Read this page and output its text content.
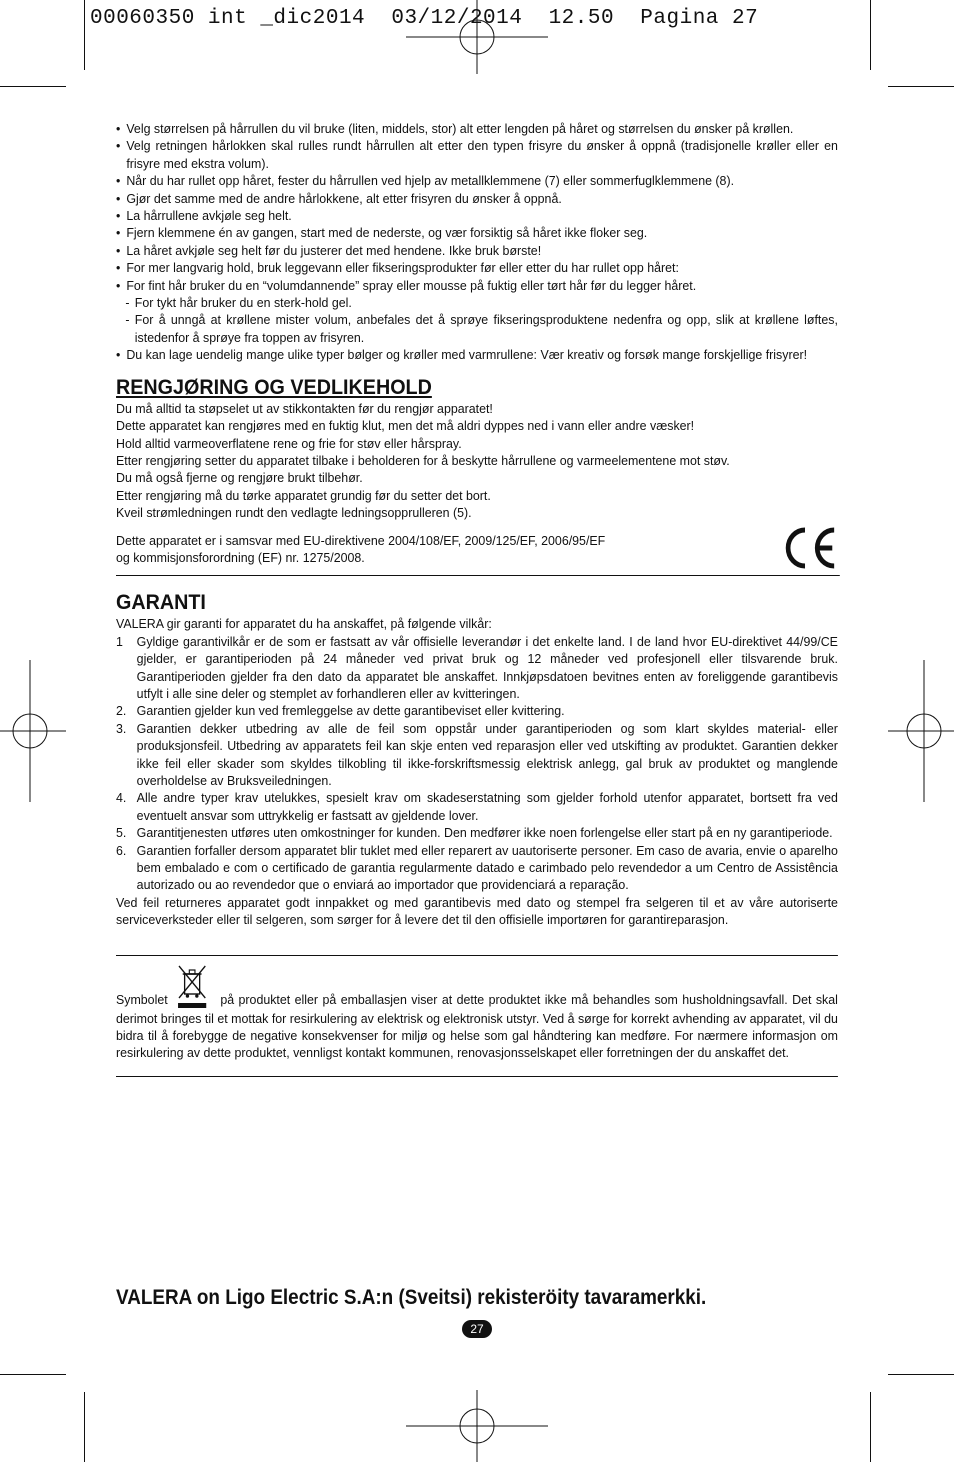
00060350 int _dic2014  03/12/2014  12.50  Pagina 27

• Velg størrelsen på hårrullen du vil bruke (liten, middels, stor) alt etter lengden på håret og størrelsen du ønsker på krøllen.
• Velg retningen hårlokken skal rulles rundt hårrullen alt etter den typen frisyre du ønsker å oppnå (tradisjonelle krøller eller en frisyre med ekstra volum).
• Når du har rullet opp håret, fester du hårrullen ved hjelp av metallklemmene (7) eller sommerfuglklemmene (8).
• Gjør det samme med de andre hårlokkene, alt etter frisyren du ønsker å oppnå.
• La hårrullene avkjøle seg helt.
• Fjern klemmene én av gangen, start med de nederste, og vær forsiktig så håret ikke floker seg.
• La håret avkjøle seg helt før du justerer det med hendene. Ikke bruk børste!
• For mer langvarig hold, bruk leggevann eller fikseringsprodukter før eller etter du har rullet opp håret:
• For fint hår bruker du en “volumdannende” spray eller mousse på fuktig eller tørt hår før du legger håret.
- For tykt hår bruker du en sterk-hold gel.
- For å unngå at krøllene mister volum, anbefales det å sprøye fikseringsproduktene nedenfra og opp, slik at krøllene løftes, istedenfor å sprøye fra toppen av frisyren.
• Du kan lage uendelig mange ulike typer bølger og krøller med varmrullene: Vær kreativ og forsøk mange forskjellige frisyrer!
RENGJØRING OG VEDLIKEHOLD

Du må alltid ta støpselet ut av stikkontakten før du rengjør apparatet!

Dette apparatet kan rengjøres med en fuktig klut, men det må aldri dyppes ned i vann eller andre væsker!

Hold alltid varmeoverflatene rene og frie for støv eller hårspray.

Etter rengjøring setter du apparatet tilbake i beholderen for å beskytte hårrullene og varmeelementene mot støv.

Du må også fjerne og rengjøre brukt tilbehør.

Etter rengjøring må du tørke apparatet grundig før du setter det bort.

Kveil strømledningen rundt den vedlagte ledningsopprulleren (5).

Dette apparatet er i samsvar med EU-direktivene 2004/108/EF, 2009/125/EF, 2006/95/EF

og kommisjonsforordning (EF) nr. 1275/2008.

GARANTI

VALERA gir garanti for apparatet du ha anskaffet, på følgende vilkår:

1 Gyldige garantivilkår er de som er fastsatt av vår offisielle leverandør i det enkelte land. I de land hvor EU-direktivet 44/99/CE gjelder, er garantiperioden på 24 måneder ved privat bruk og 12 måneder ved profesjonell eller tilsvarende bruk. Garantiperioden gjelder fra den dato da apparatet ble anskaffet. Innkjøpsdatoen bevitnes enten av foreliggende garantibevis utfylt i alle sine deler og stemplet av forhandleren eller av kvitteringen.
2. Garantien gjelder kun ved fremleggelse av dette garantibeviset eller kvittering.
3. Garantien dekker utbedring av alle de feil som oppstår under garantiperioden og som klart skyldes material- eller produksjonsfeil. Utbedring av apparatets feil kan skje enten ved reparasjon eller ved utskifting av produktet. Garantien dekker ikke feil eller skader som skyldes tilkobling til ikke-forskriftsmessig elektrisk anlegg, gal bruk av produktet og manglende overholdelse av Bruksveiledningen.
4. Alle andre typer krav utelukkes, spesielt krav om skadeserstatning som gjelder forhold utenfor apparatet, bortsett fra ved eventuelt ansvar som uttrykkelig er fastsatt av gjeldende lover.
5. Garantitjenesten utføres uten omkostninger for kunden. Den medfører ikke noen forlengelse eller start på en ny garantiperiode.
6. Garantien forfaller dersom apparatet blir tuklet med eller reparert av uautoriserte personer. Em caso de avaria, envie o aparelho bem embalado e com o certificado de garantia regularmente datado e carimbado pelo revendedor a um Centro de Assistência autorizado ou ao revendedor que o enviará ao importador que providenciará a reparação.

Ved feil returneres apparatet godt innpakket og med garantibevis med dato og stempel fra selgeren til et av våre autoriserte serviceverksteder eller til selgeren, som sørger for å levere det til den offisielle importøren for garantireparasjon.

Symbolet	på produktet eller på emballasjen viser at dette produktet ikke må behandles som husholdningsavfall. Det skal derimot bringes til et mottak for resirkulering av elektrisk og elektronisk utstyr. Ved å sørge for korrekt avhending av apparatet, vil du bidra til å forebygge de negative konsekvenser for miljø og helse som gal håndtering kan medføre. For nærmere informasjon om resirkulering av dette produktet, vennligst kontakt kommunen, renovasjonsselskapet eller forretningen der du anskaffet det.

VALERA on Ligo Electric S.A:n (Sveitsi) rekisteröity tavaramerkki.
27
